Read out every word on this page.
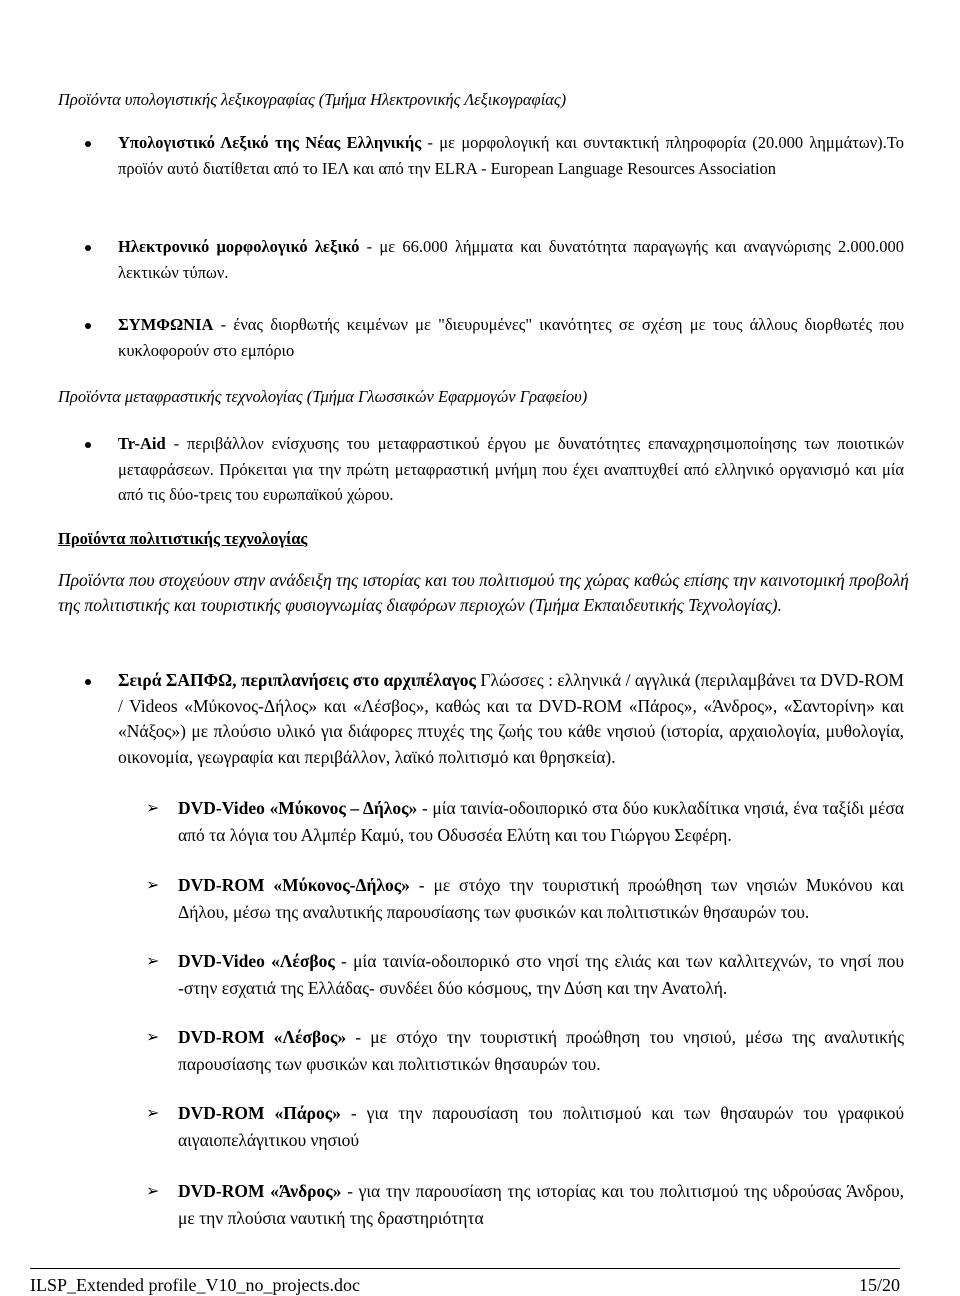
Προϊόντα υπολογιστικής λεξικογραφίας (Τμήμα Ηλεκτρονικής Λεξικογραφίας)
Υπολογιστικό Λεξικό της Νέας Ελληνικής - με μορφολογική και συντακτική πληροφορία (20.000 λημμάτων).Το προϊόν αυτό διατίθεται από το ΙΕΛ και από την ELRA - European Language Resources Association
Ηλεκτρονικό μορφολογικό λεξικό - με 66.000 λήμματα και δυνατότητα παραγωγής και αναγνώρισης 2.000.000 λεκτικών τύπων.
ΣΥΜΦΩΝΙΑ - ένας διορθωτής κειμένων με "διευρυμένες" ικανότητες σε σχέση με τους άλλους διορθωτές που κυκλοφορούν στο εμπόριο
Προϊόντα μεταφραστικής τεχνολογίας (Τμήμα Γλωσσικών Εφαρμογών Γραφείου)
Tr-Aid - περιβάλλον ενίσχυσης του μεταφραστικού έργου με δυνατότητες επαναχρησιμοποίησης των ποιοτικών μεταφράσεων. Πρόκειται για την πρώτη μεταφραστική μνήμη που έχει αναπτυχθεί από ελληνικό οργανισμό και μία από τις δύο-τρεις του ευρωπαϊκού χώρου.
Προϊόντα πολιτιστικής τεχνολογίας
Προϊόντα που στοχεύουν στην ανάδειξη της ιστορίας και του πολιτισμού της χώρας καθώς επίσης την καινοτομική προβολή της πολιτιστικής και τουριστικής φυσιογνωμίας διαφόρων περιοχών (Τμήμα Εκπαιδευτικής Τεχνολογίας).
Σειρά ΣΑΠΦΩ, περιπλανήσεις στο αρχιπέλαγος Γλώσσες : ελληνικά / αγγλικά (περιλαμβάνει τα DVD-ROM / Videos «Μύκονος-Δήλος» και «Λέσβος», καθώς και τα DVD-ROM «Πάρος», «Άνδρος», «Σαντορίνη» και «Νάξος») με πλούσιο υλικό για διάφορες πτυχές της ζωής του κάθε νησιού (ιστορία, αρχαιολογία, μυθολογία, οικονομία, γεωγραφία και περιβάλλον, λαϊκό πολιτισμό και θρησκεία).
➢ DVD-Video «Μύκονος – Δήλος» - μία ταινία-οδοιπορικό στα δύο κυκλαδίτικα νησιά, ένα ταξίδι μέσα από τα λόγια του Αλμπέρ Καμύ, του Οδυσσέα Ελύτη και του Γιώργου Σεφέρη.
➢ DVD-ROM «Μύκονος-Δήλος» - με στόχο την τουριστική προώθηση των νησιών Μυκόνου και Δήλου, μέσω της αναλυτικής παρουσίασης των φυσικών και πολιτιστικών θησαυρών του.
➢ DVD-Video «Λέσβος - μία ταινία-οδοιπορικό στο νησί της ελιάς και των καλλιτεχνών, το νησί που -στην εσχατιά της Ελλάδας- συνδέει δύο κόσμους, την Δύση και την Ανατολή.
➢ DVD-ROM «Λέσβος» - με στόχο την τουριστική προώθηση του νησιού, μέσω της αναλυτικής παρουσίασης των φυσικών και πολιτιστικών θησαυρών του.
➢ DVD-ROM «Πάρος» - για την παρουσίαση του πολιτισμού και των θησαυρών του γραφικού αιγαιοπελάγιτικου νησιού
➢ DVD-ROM «Άνδρος» - για την παρουσίαση της ιστορίας και του πολιτισμού της υδρούσας Άνδρου, με την πλούσια ναυτική της δραστηριότητα
ILSP_Extended profile_V10_no_projects.doc	15/20
